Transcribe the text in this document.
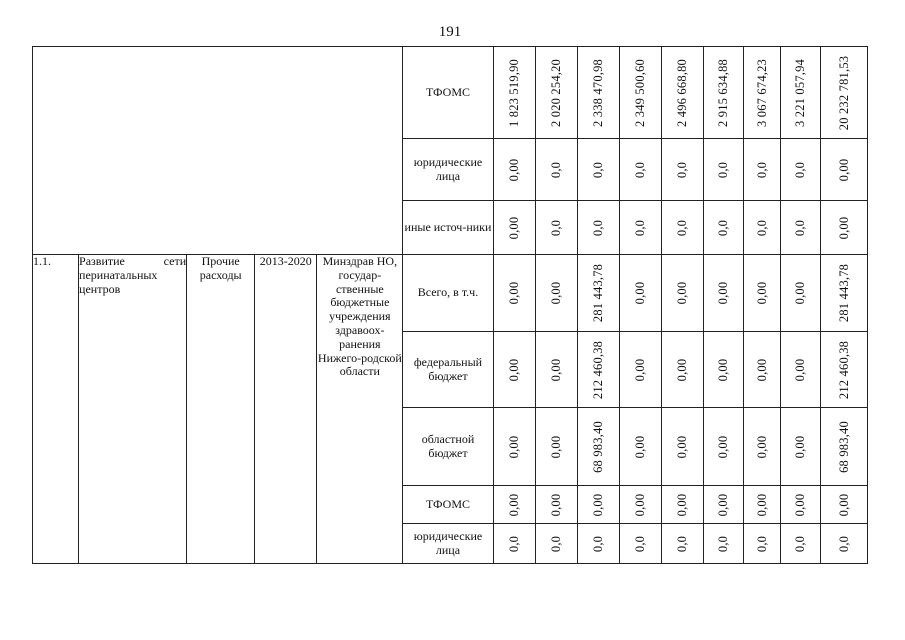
191
					ТФОМС	1 823 519,90	2 020 254,20	2 338 470,98	2 349 500,60	2 496 668,80	2 915 634,88	3 067 674,23	3 221 057,94	20 232 781,53

					юридические лица	0,00	0,0	0,0	0,0	0,0	0,0	0,0	0,0	0,00

					иные источ-ники	0,00	0,0	0,0	0,0	0,0	0,0	0,0	0,0	0,00

1.1.	Развитие сети перинатальных центров	Прочие расходы	2013-2020	Минздрав НО, государ-ственные бюджетные учреждения здравоох-ранения Нижего-родской области	Всего, в т.ч.	0,00	0,00	281 443,78	0,00	0,00	0,00	0,00	0,00	281 443,78

					федеральный бюджет	0,00	0,00	212 460,38	0,00	0,00	0,00	0,00	0,00	212 460,38

					областной бюджет	0,00	0,00	68 983,40	0,00	0,00	0,00	0,00	0,00	68 983,40

					ТФОМС	0,00	0,00	0,00	0,00	0,00	0,00	0,00	0,00	0,00

					юридические лица	0,0	0,0	0,0	0,0	0,0	0,0	0,0	0,0	0,0
